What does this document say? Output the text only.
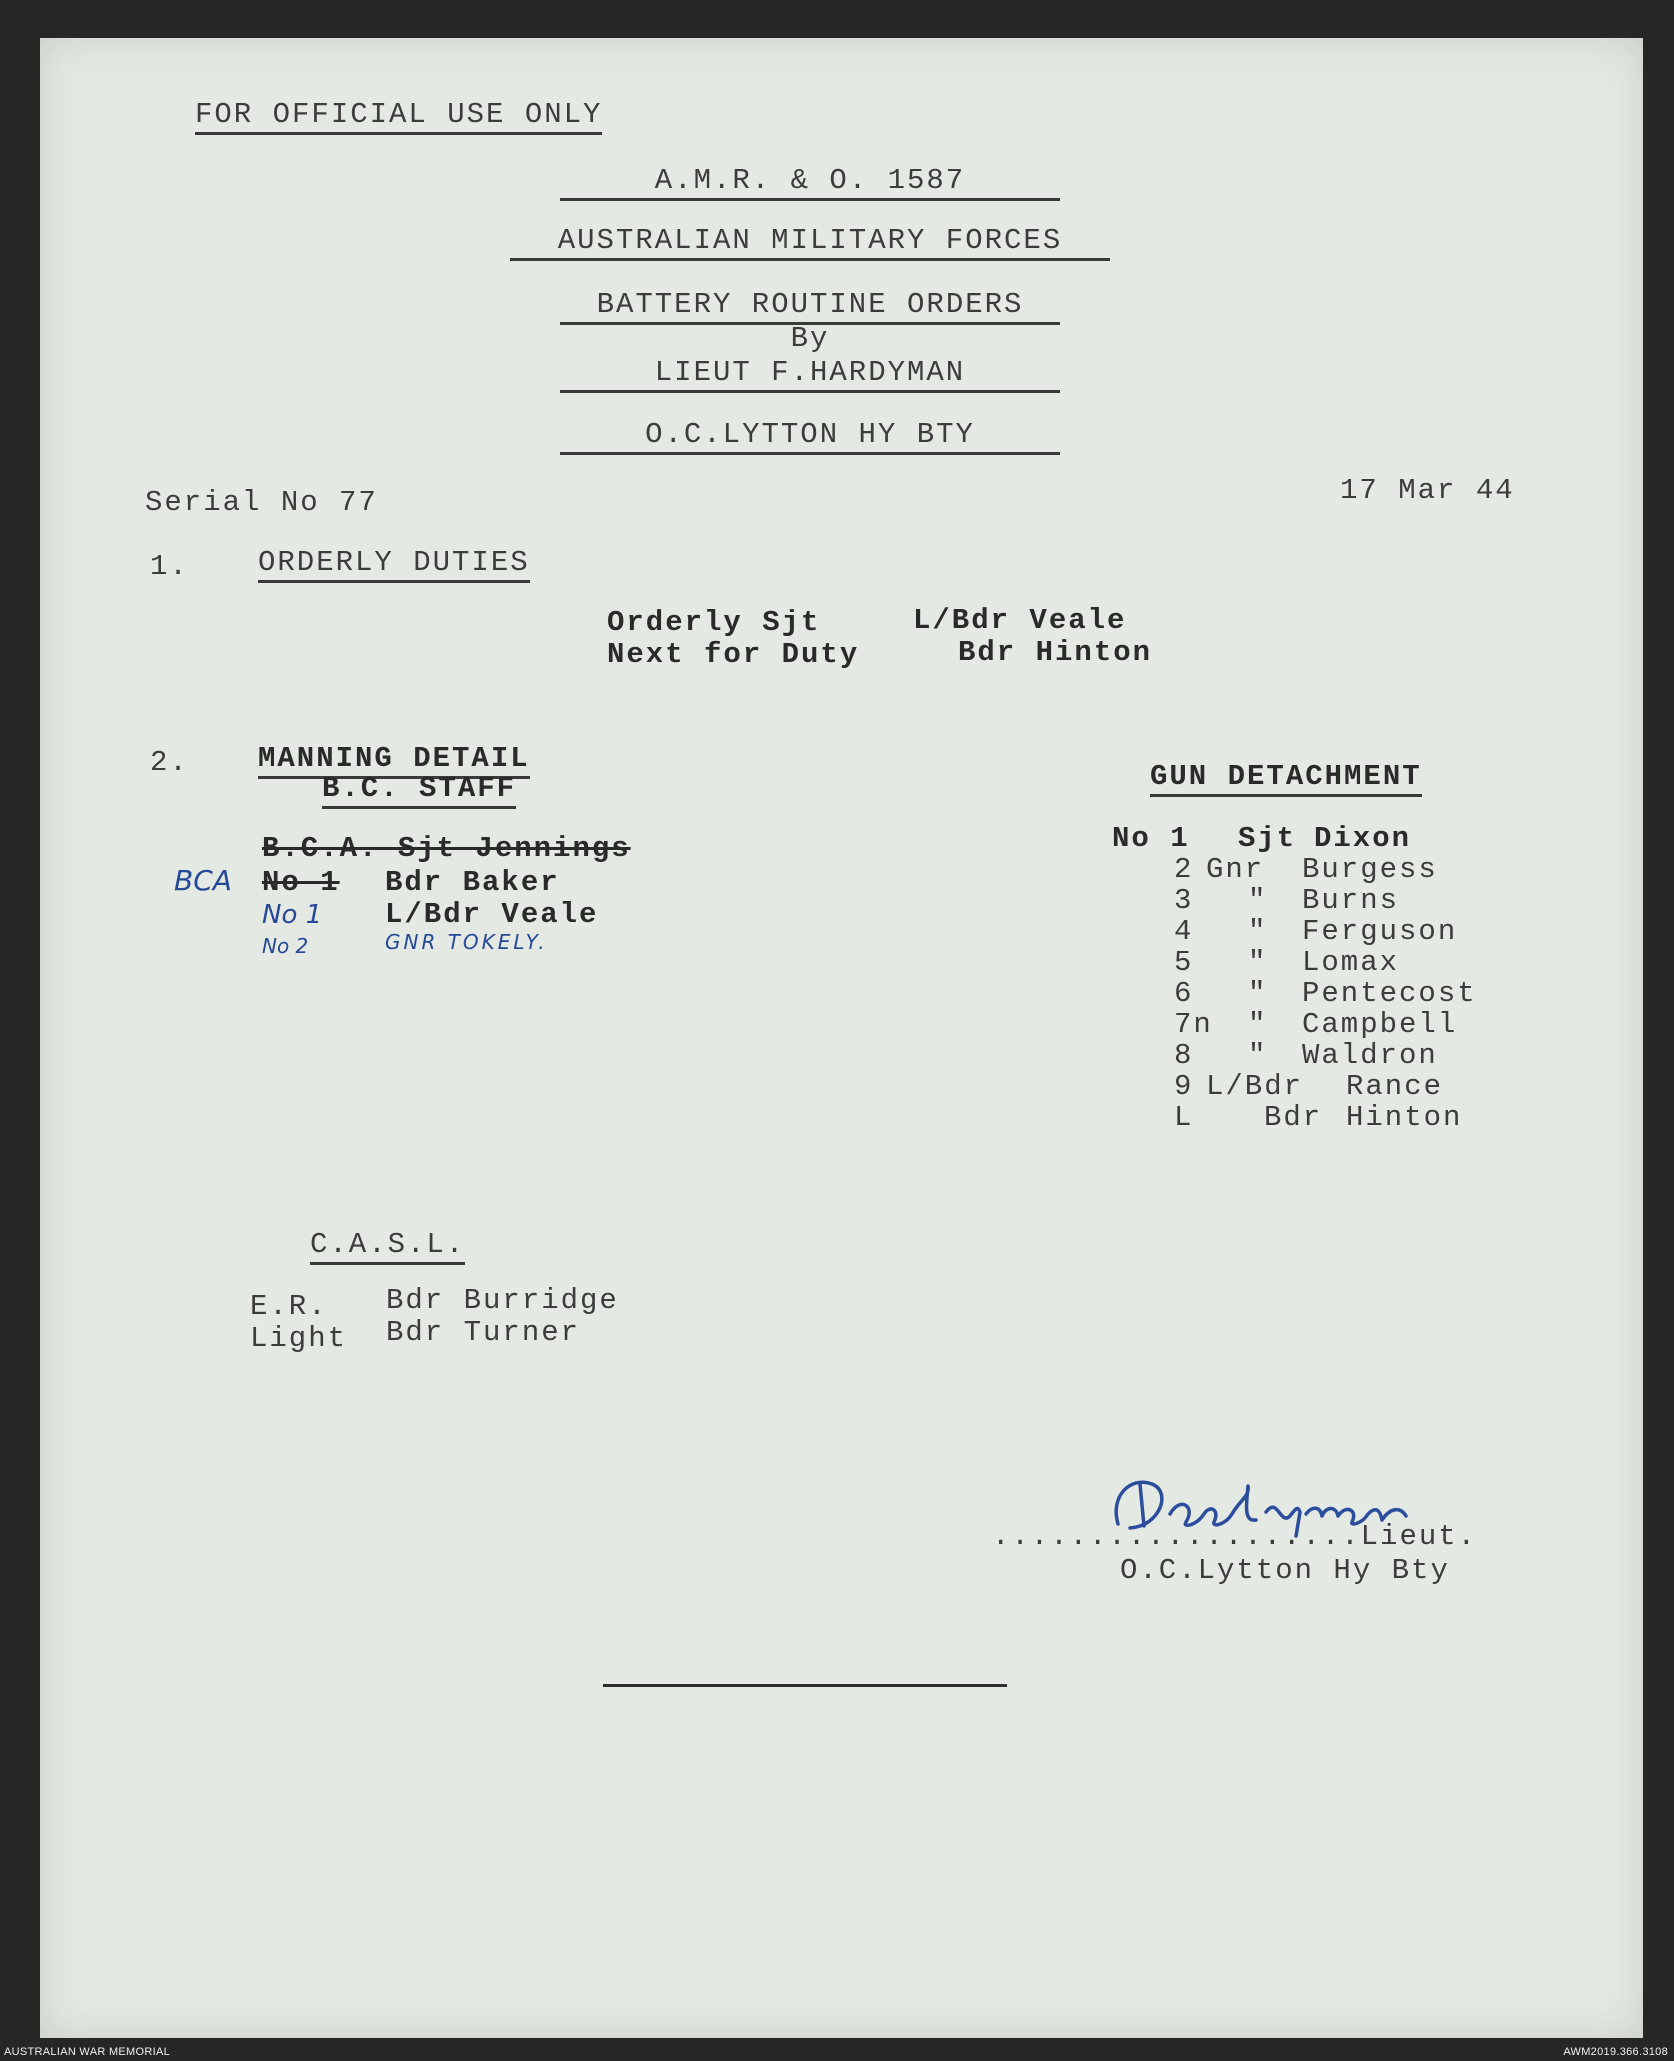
FOR OFFICIAL USE ONLY
A.M.R. & O. 1587
AUSTRALIAN MILITARY FORCES
BATTERY ROUTINE ORDERS
By
LIEUT F.HARDYMAN
O.C.LYTTON HY BTY
Serial No 77	17 Mar 44
1. ORDERLY DUTIES
Orderly Sjt	L/Bdr Veale
Next for Duty	Bdr Hinton
2. MANNING DETAIL
B.C. STAFF
B.C.A. Sjt Jennings
BCA No 1 Bdr Baker
No 1 L/Bdr Veale
No 2	GNR TOKELY.
GUN DETACHMENT
No 1 Sjt Dixon
2 Gnr Burgess
3 " Burns
4 " Ferguson
5 " Lomax
6 " Pentecost
7n " Campbell
8 " Waldron
9 L/Bdr Rance
L Bdr Hinton
C.A.S.L.
E.R. Bdr Burridge
Light Bdr Turner
...................Lieut.
O.C.Lytton Hy Bty
AUSTRALIAN WAR MEMORIAL	AWM2019.366.3108
